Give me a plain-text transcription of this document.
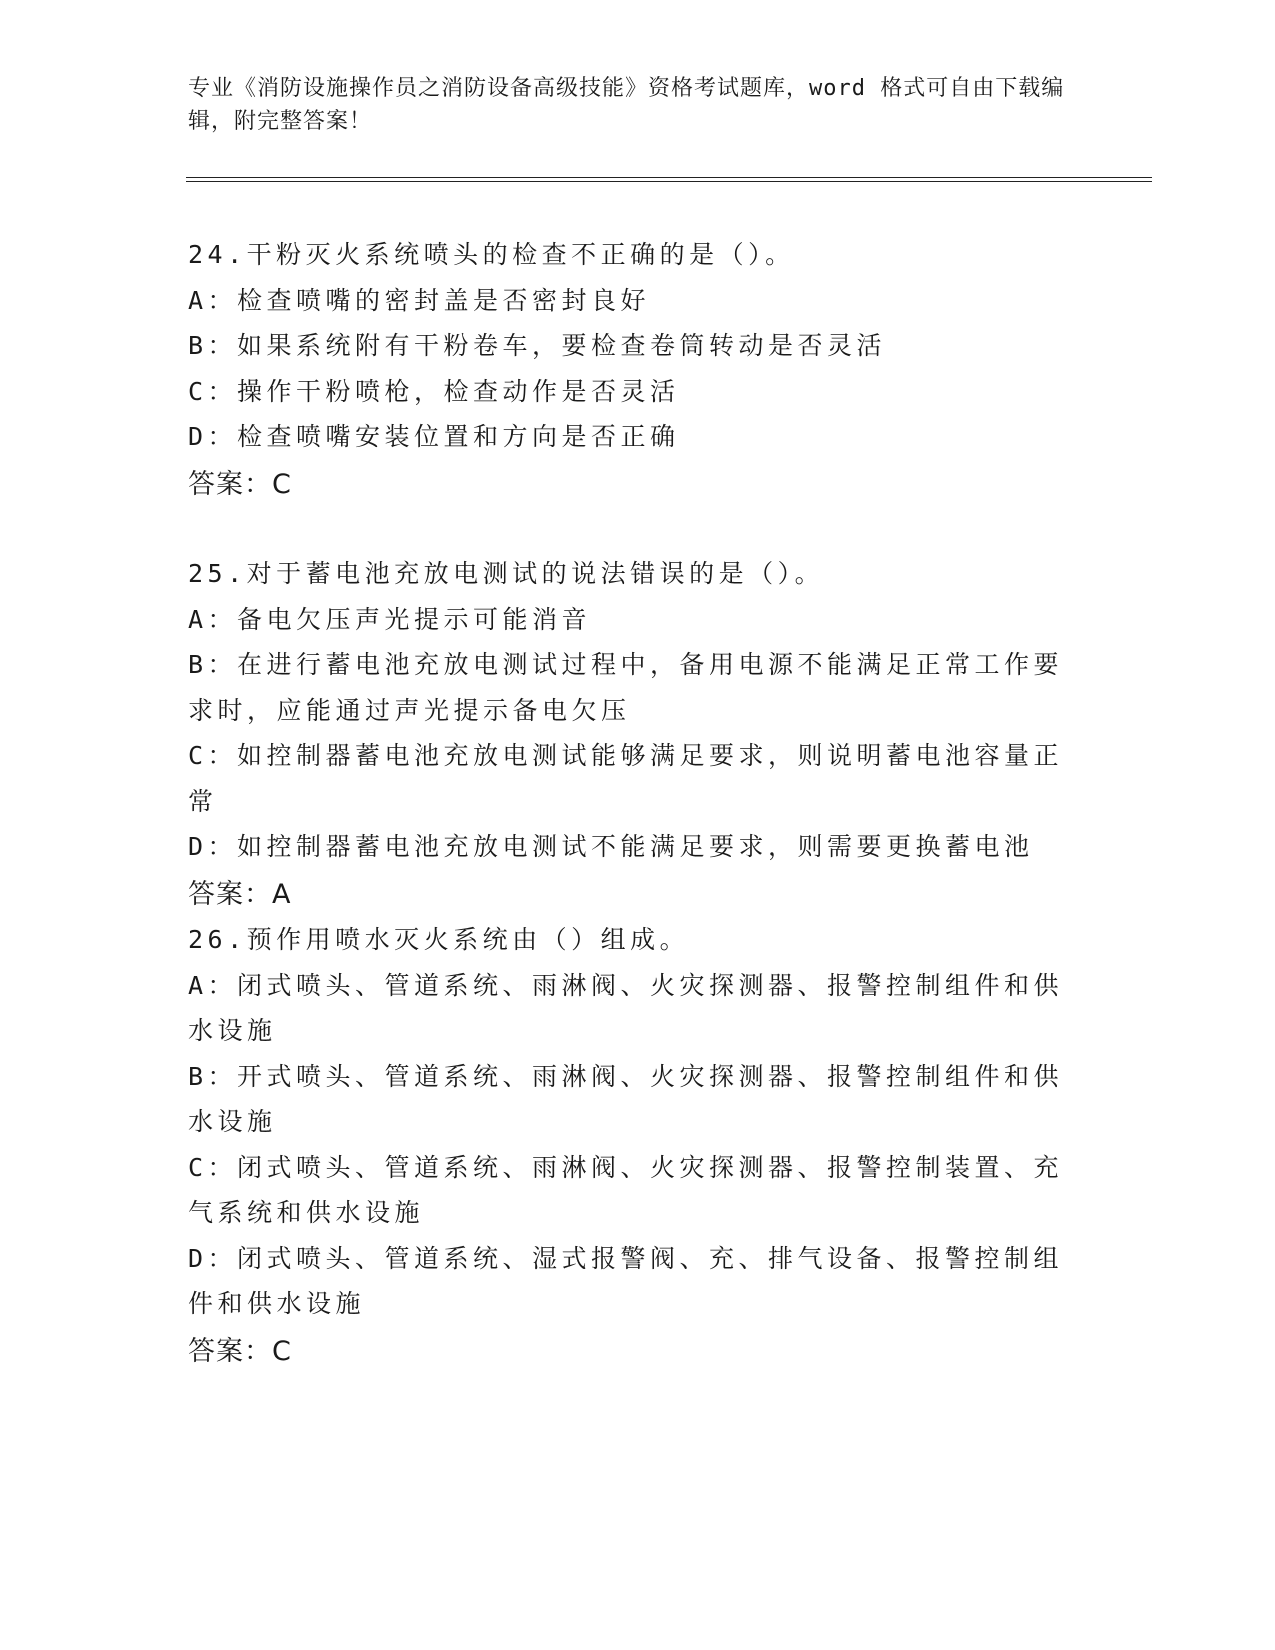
专业《消防设施操作员之消防设备高级技能》资格考试题库，word 格式可自由下载编辑，附完整答案！
24.干粉灭火系统喷头的检查不正确的是（）。
A：检查喷嘴的密封盖是否密封良好
B：如果系统附有干粉卷车，要检查卷筒转动是否灵活
C：操作干粉喷枪，检查动作是否灵活
D：检查喷嘴安装位置和方向是否正确
答案：C
25.对于蓄电池充放电测试的说法错误的是（）。
A：备电欠压声光提示可能消音
B：在进行蓄电池充放电测试过程中，备用电源不能满足正常工作要求时，应能通过声光提示备电欠压
C：如控制器蓄电池充放电测试能够满足要求，则说明蓄电池容量正常
D：如控制器蓄电池充放电测试不能满足要求，则需要更换蓄电池
答案：A
26.预作用喷水灭火系统由（）组成。
A：闭式喷头、管道系统、雨淋阀、火灾探测器、报警控制组件和供水设施
B：开式喷头、管道系统、雨淋阀、火灾探测器、报警控制组件和供水设施
C：闭式喷头、管道系统、雨淋阀、火灾探测器、报警控制装置、充气系统和供水设施
D：闭式喷头、管道系统、湿式报警阀、充、排气设备、报警控制组件和供水设施
答案：C
